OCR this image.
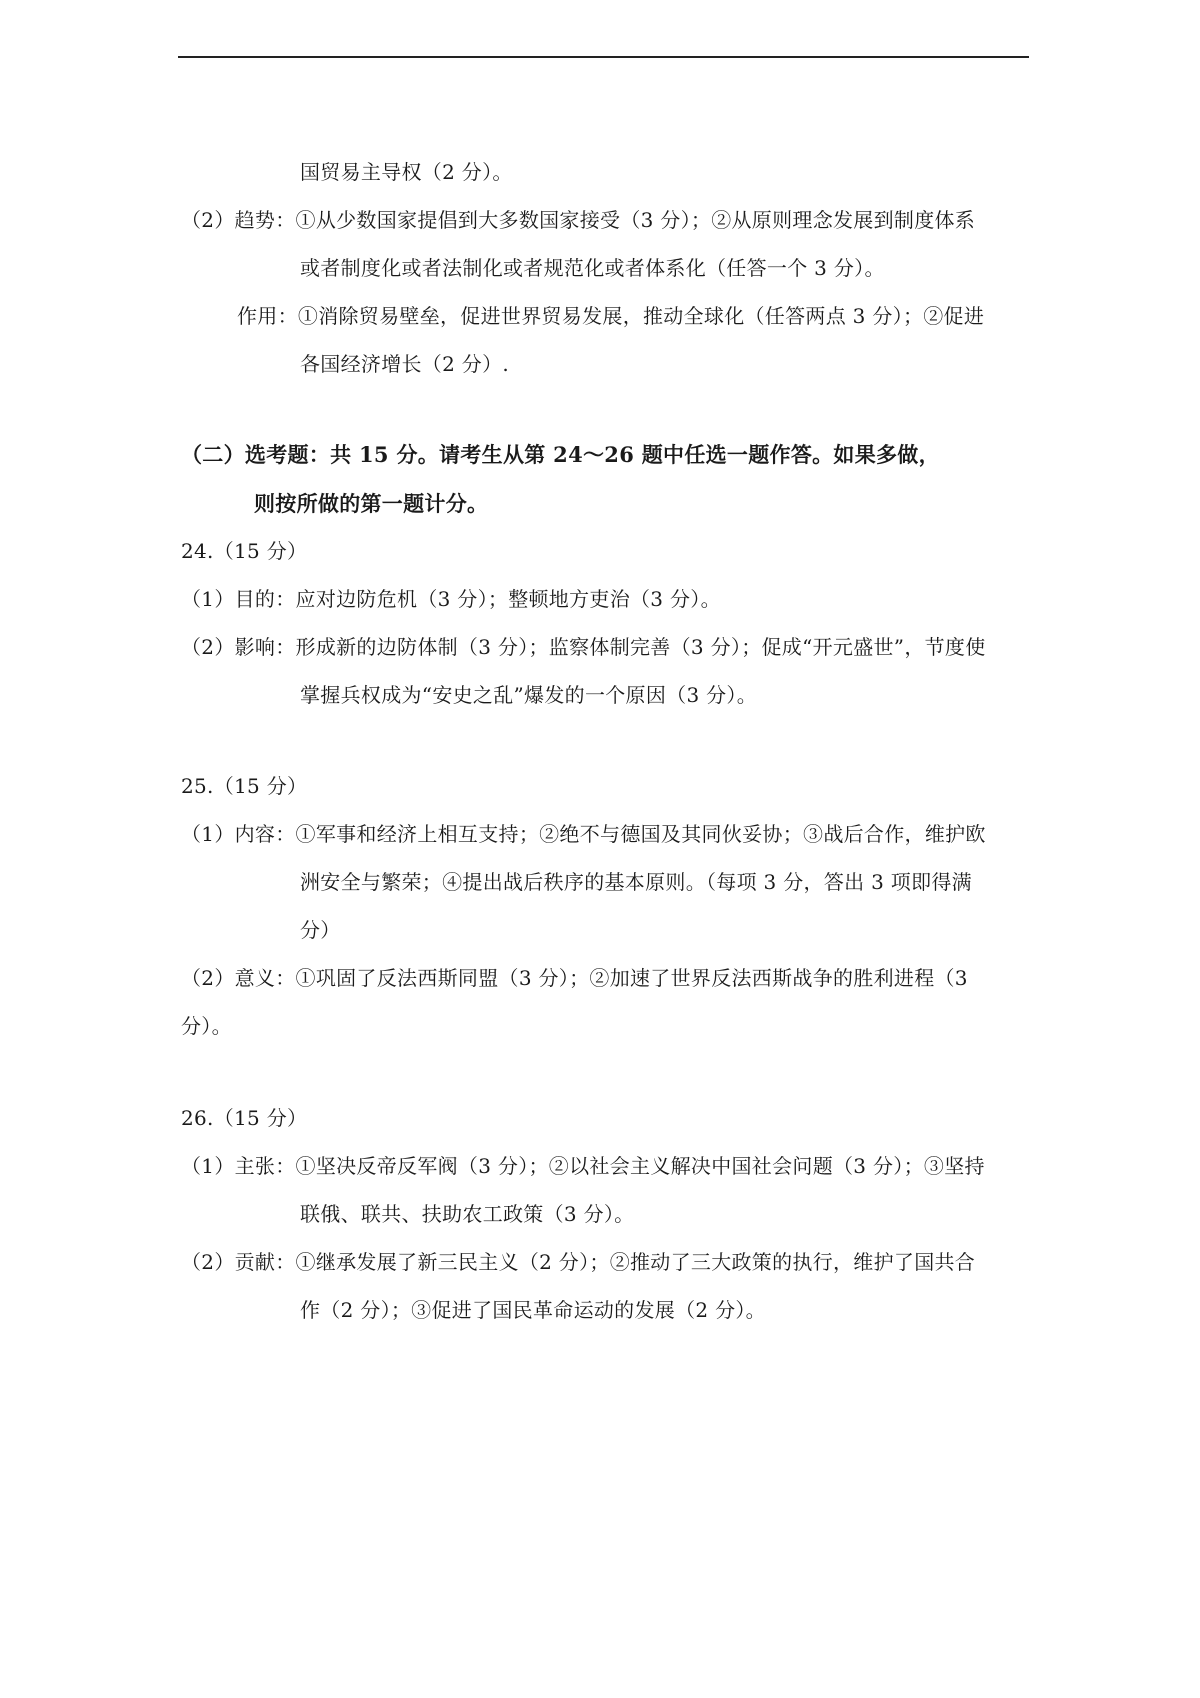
国贸易主导权（2 分）。
（2）趋势：①从少数国家提倡到大多数国家接受（3 分）；②从原则理念发展到制度体系
或者制度化或者法制化或者规范化或者体系化（任答一个 3 分）。
作用：①消除贸易壁垒，促进世界贸易发展，推动全球化（任答两点 3 分）；②促进
各国经济增长（2 分）.
（二）选考题：共 15 分。请考生从第 24～26 题中任选一题作答。如果多做，
则按所做的第一题计分。
24.（15 分）
（1）目的：应对边防危机（3 分）；整顿地方吏治（3 分）。
（2）影响：形成新的边防体制（3 分）；监察体制完善（3 分）；促成“开元盛世”，节度使
掌握兵权成为“安史之乱”爆发的一个原因（3 分）。
25.（15 分）
（1）内容：①军事和经济上相互支持；②绝不与德国及其同伙妥协；③战后合作，维护欧
洲安全与繁荣；④提出战后秩序的基本原则。（每项 3 分，答出 3 项即得满
分）
（2）意义：①巩固了反法西斯同盟（3 分）；②加速了世界反法西斯战争的胜利进程（3
分）。
26.（15 分）
（1）主张：①坚决反帝反军阀（3 分）；②以社会主义解决中国社会问题（3 分）；③坚持
联俄、联共、扶助农工政策（3 分）。
（2）贡献：①继承发展了新三民主义（2 分）；②推动了三大政策的执行，维护了国共合
作（2 分）；③促进了国民革命运动的发展（2 分）。
